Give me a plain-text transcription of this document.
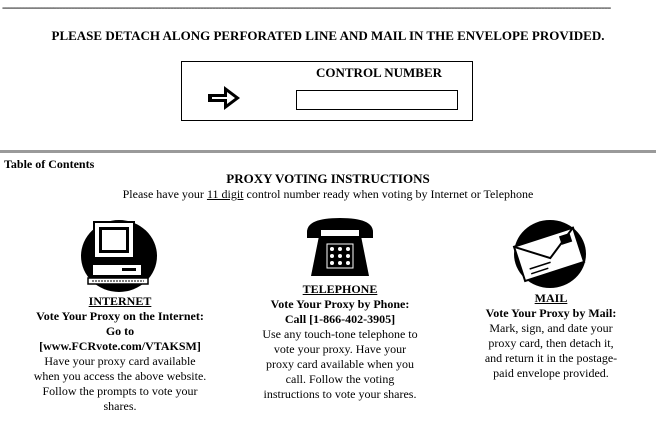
-----------------------------------------------------------------------------------------------------------------------------------------------------------------------------------------------------------
PLEASE DETACH ALONG PERFORATED LINE AND MAIL IN THE ENVELOPE PROVIDED.
CONTROL NUMBER
Table of Contents
PROXY VOTING INSTRUCTIONS
Please have your 11 digit control number ready when voting by Internet or Telephone
INTERNET
Vote Your Proxy on the Internet:
Go to
[www.FCRvote.com/VTAKSM]
Have your proxy card available
when you access the above website.
Follow the prompts to vote your
shares.
TELEPHONE
Vote Your Proxy by Phone:
Call [1-866-402-3905]
Use any touch-tone telephone to
vote your proxy. Have your
proxy card available when you
call. Follow the voting
instructions to vote your shares.
MAIL
Vote Your Proxy by Mail:
Mark, sign, and date your
proxy card, then detach it,
and return it in the postage-
paid envelope provided.
